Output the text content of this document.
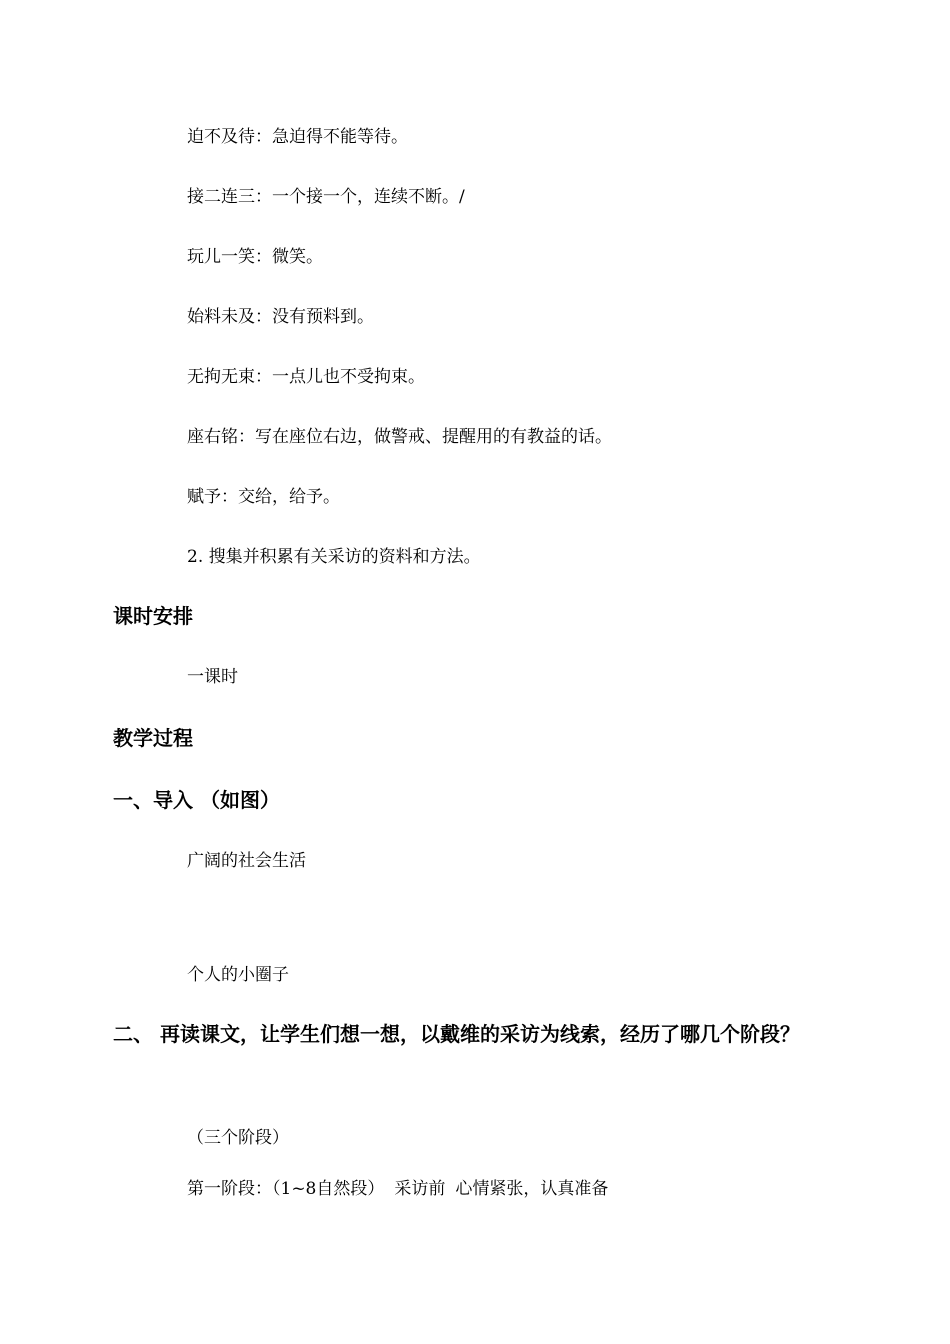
迫不及待：急迫得不能等待。
接二连三：一个接一个，连续不断。/
玩儿一笑：微笑。
始料未及：没有预料到。
无拘无束：一点儿也不受拘束。
座右铭：写在座位右边，做警戒、提醒用的有教益的话。
赋予：交给，给予。
2. 搜集并积累有关采访的资料和方法。
课时安排
一课时
教学过程
一、导入 （如图）
广阔的社会生活
个人的小圈子
二、 再读课文，让学生们想一想，以戴维的采访为线索，经历了哪几个阶段？
（三个阶段）
第一阶段：（1~8自然段） 采访前 心情紧张，认真准备
